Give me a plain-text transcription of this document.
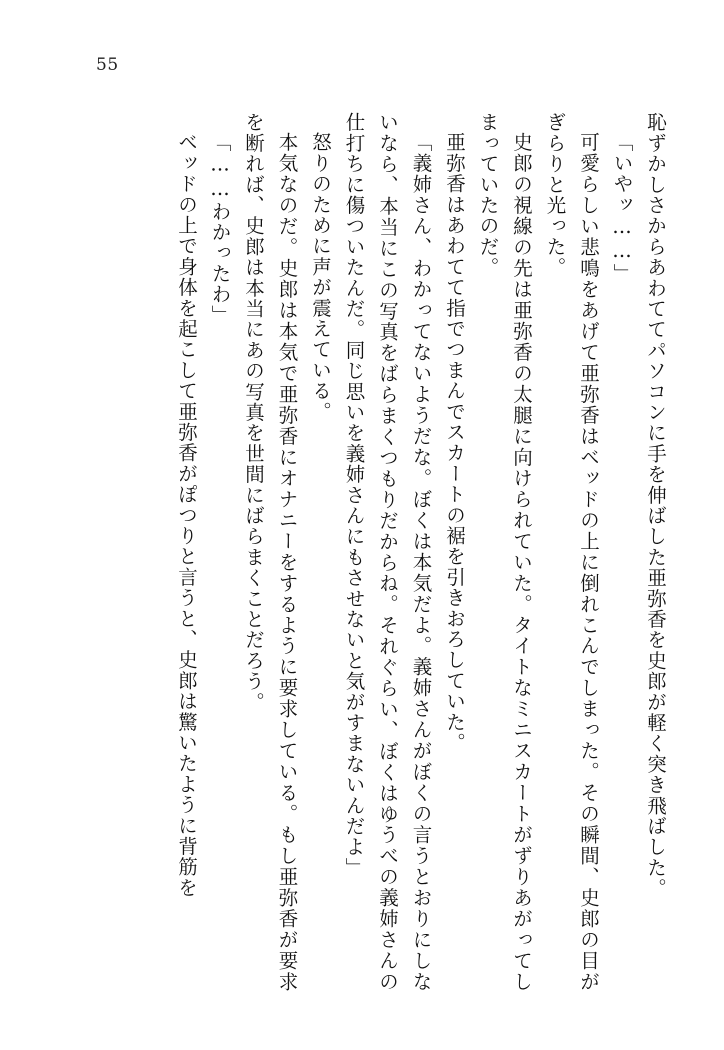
55

恥ずかしさからあわててパソコンに手を伸ばした亜弥香を史郎が軽く突き飛ばした。

「いやッ……」

可愛らしい悲鳴をあげて亜弥香はベッドの上に倒れこんでしまった。その瞬間、史郎の目がぎらりと光った。

史郎の視線の先は亜弥香の太腿に向けられていた。タイトなミニスカートがずりあがってしまっていたのだ。

亜弥香はあわてて指でつまんでスカートの裾を引きおろしていた。

「義姉さん、わかってないようだな。ぼくは本気だよ。義姉さんがぼくの言うとおりにしないなら、本当にこの写真をばらまくつもりだからね。それぐらい、ぼくはゆうべの義姉さんの仕打ちに傷ついたんだ。同じ思いを義姉さんにもさせないと気がすまないんだよ」

怒りのために声が震えている。

本気なのだ。史郎は本気で亜弥香にオナニーをするように要求している。もし亜弥香が要求を断れば、史郎は本当にあの写真を世間にばらまくことだろう。

「……わかったわ」

ベッドの上で身体を起こして亜弥香がぽつりと言うと、史郎は驚いたように背筋を
